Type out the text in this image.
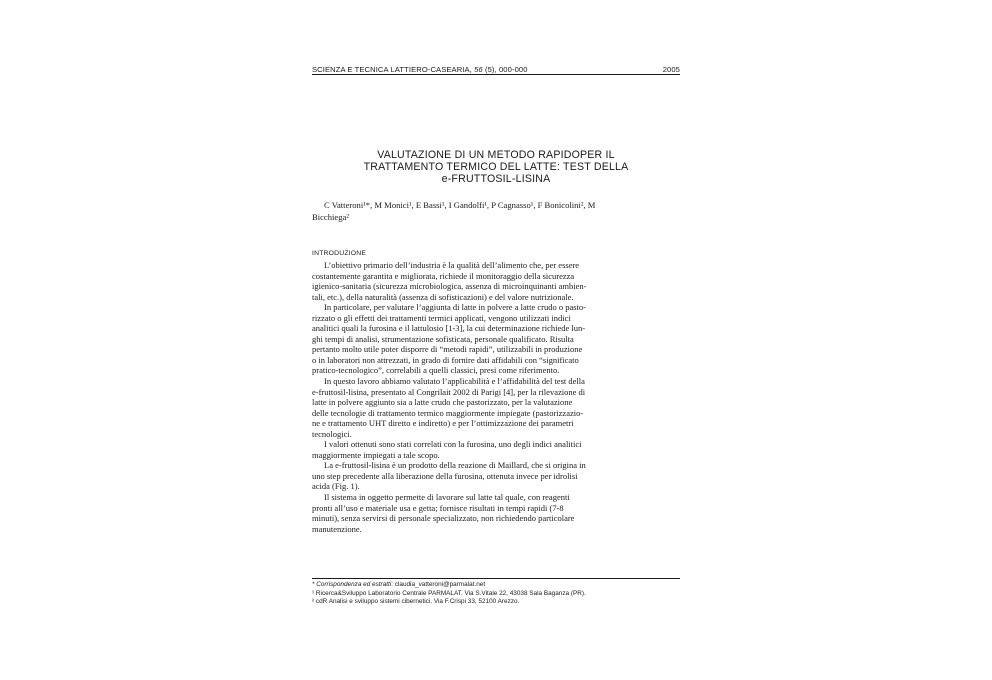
SCIENZA E TECNICA LATTIERO-CASEARIA, 56 (5), 000-000	2005
VALUTAZIONE DI UN METODO RAPIDOPER IL
TRATTAMENTO TERMICO DEL LATTE: TEST DELLA
e-FRUTTOSIL-LISINA
C Vatteroni¹*, M Monici¹, E Bassi¹, I Gandolfi¹, P Cagnasso¹, F Bonicolini², M
Bicchiega²
INTRODUZIONE
L’obiettivo primario dell’industria è la qualità dell’alimento che, per essere
costantemente garantita e migliorata, richiede il monitoraggio della sicurezza
igienico-sanitaria (sicurezza microbiologica, assenza di microinquinanti ambien-
tali, etc.), della naturalità (assenza di sofisticazioni) e del valore nutrizionale.
In particolare, per valutare l’aggiunta di latte in polvere a latte crudo o pasto-
rizzato o gli effetti dei trattamenti termici applicati, vengono utilizzati indici
analitici quali la furosina e il lattulosio [1-3], la cui determinazione richiede lun-
ghi tempi di analisi, strumentazione sofisticata, personale qualificato. Risulta
pertanto molto utile poter disporre di “metodi rapidi”, utilizzabili in produzione
o in laboratori non attrezzati, in grado di fornire dati affidabili con “significato
pratico-tecnologico”, correlabili a quelli classici, presi come riferimento.
In questo lavoro abbiamo valutato l’applicabilità e l’affidabilità del test della
e-fruttosil-lisina, presentato al Congrilait 2002 di Parigi [4], per la rilevazione di
latte in polvere aggiunto sia a latte crudo che pastorizzato, per la valutazione
delle tecnologie di trattamento termico maggiormente impiegate (pastorizzazio-
ne e trattamento UHT diretto e indiretto) e per l’ottimizzazione dei parametri
tecnologici.
I valori ottenuti sono stati correlati con la furosina, uno degli indici analitici
maggiormente impiegati a tale scopo.
La e-fruttosil-lisina è un prodotto della reazione di Maillard, che si origina in
uno step precedente alla liberazione della furosina, ottenuta invece per idrolisi
acida (Fig. 1).
Il sistema in oggetto permette di lavorare sul latte tal quale, con reagenti
pronti all’uso e materiale usa e getta; fornisce risultati in tempi rapidi (7-8
minuti), senza servirsi di personale specializzato, non richiedendo particolare
manutenzione.
* Corrispondenza ed estratti: claudia_vatteroni@parmalat.net
¹ Ricerca&Sviluppo Laboratorio Centrale PARMALAT. Via S.Vitale 22, 43038 Sala Baganza (PR).
² cdR Analisi e sviluppo sistemi cibernetici. Via F.Crispi 33, 52100 Arezzo.
